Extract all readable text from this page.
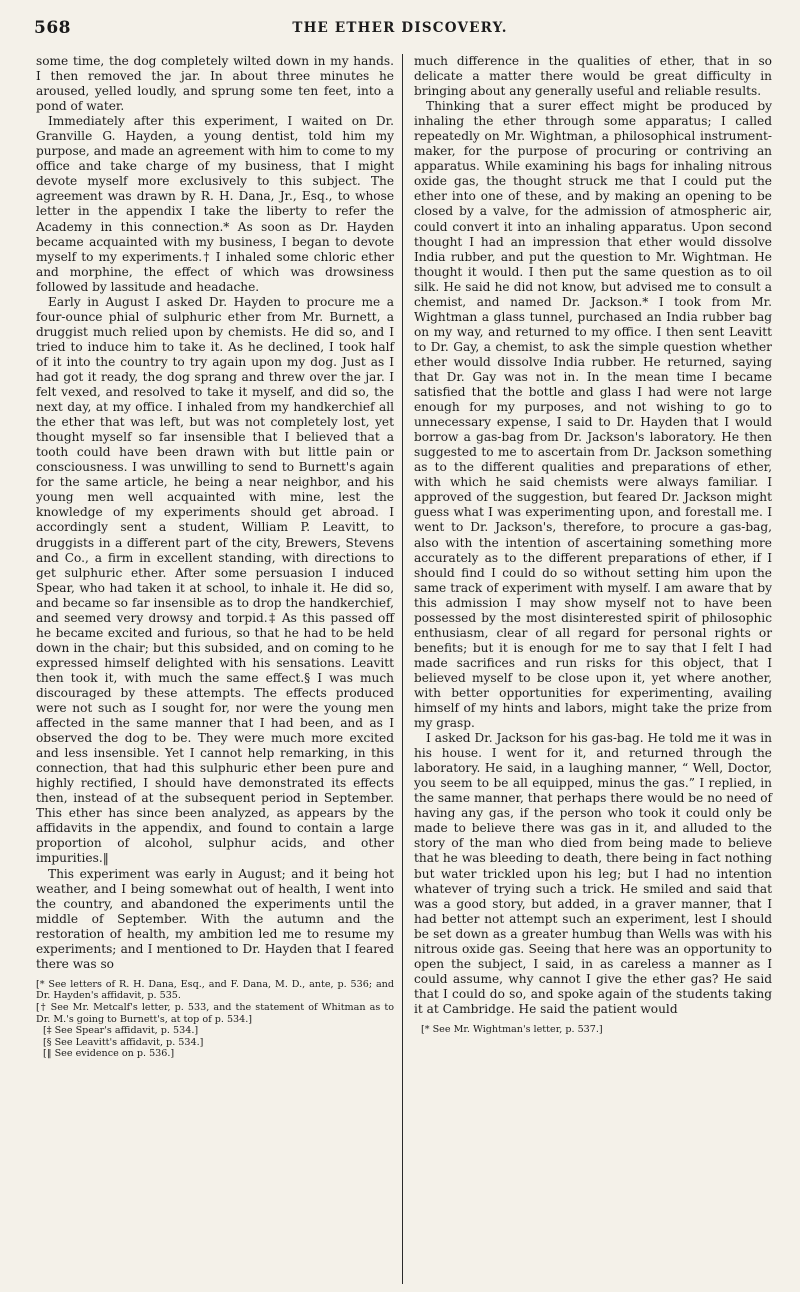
568	THE ETHER DISCOVERY.

some time, the dog completely wilted down in my hands. I then removed the jar. In about three minutes he aroused, yelled loudly, and sprung some ten feet, into a pond of water.

Immediately after this experiment, I waited on Dr. Granville G. Hayden, a young dentist, told him my purpose, and made an agreement with him to come to my office and take charge of my business, that I might devote myself more exclusively to this subject. The agreement was drawn by R. H. Dana, Jr., Esq., to whose letter in the appendix I take the liberty to refer the Academy in this connection.* As soon as Dr. Hayden became acquainted with my business, I began to devote myself to my experiments.† I inhaled some chloric ether and morphine, the effect of which was drowsiness followed by lassitude and headache.

Early in August I asked Dr. Hayden to procure me a four-ounce phial of sulphuric ether from Mr. Burnett, a druggist much relied upon by chemists. He did so, and I tried to induce him to take it. As he declined, I took half of it into the country to try again upon my dog. Just as I had got it ready, the dog sprang and threw over the jar. I felt vexed, and resolved to take it myself, and did so, the next day, at my office. I inhaled from my handkerchief all the ether that was left, but was not completely lost, yet thought myself so far insensible that I believed that a tooth could have been drawn with but little pain or consciousness. I was unwilling to send to Burnett's again for the same article, he being a near neighbor, and his young men well acquainted with mine, lest the knowledge of my experiments should get abroad. I accordingly sent a student, William P. Leavitt, to druggists in a different part of the city, Brewers, Stevens and Co., a firm in excellent standing, with directions to get sulphuric ether. After some persuasion I induced Spear, who had taken it at school, to inhale it. He did so, and became so far insensible as to drop the handkerchief, and seemed very drowsy and torpid.‡ As this passed off he became excited and furious, so that he had to be held down in the chair; but this subsided, and on coming to he expressed himself delighted with his sensations. Leavitt then took it, with much the same effect.§ I was much discouraged by these attempts. The effects produced were not such as I sought for, nor were the young men affected in the same manner that I had been, and as I observed the dog to be. They were much more excited and less insensible. Yet I cannot help remarking, in this connection, that had this sulphuric ether been pure and highly rectified, I should have demonstrated its effects then, instead of at the subsequent period in September. This ether has since been analyzed, as appears by the affidavits in the appendix, and found to contain a large proportion of alcohol, sulphur acids, and other impurities.‖

This experiment was early in August; and it being hot weather, and I being somewhat out of health, I went into the country, and abandoned the experiments until the middle of September. With the autumn and the restoration of health, my ambition led me to resume my experiments; and I mentioned to Dr. Hayden that I feared there was so

[* See letters of R. H. Dana, Esq., and F. Dana, M. D., ante, p. 536; and Dr. Hayden's affidavit, p. 535.

[† See Mr. Metcalf's letter, p. 533, and the statement of Whitman as to Dr. M.'s going to Burnett's, at top of p. 534.]

[‡ See Spear's affidavit, p. 534.]

[§ See Leavitt's affidavit, p. 534.]

[‖ See evidence on p. 536.]

much difference in the qualities of ether, that in so delicate a matter there would be great difficulty in bringing about any generally useful and reliable results.

Thinking that a surer effect might be produced by inhaling the ether through some apparatus; I called repeatedly on Mr. Wightman, a philosophical instrument-maker, for the purpose of procuring or contriving an apparatus. While examining his bags for inhaling nitrous oxide gas, the thought struck me that I could put the ether into one of these, and by making an opening to be closed by a valve, for the admission of atmospheric air, could convert it into an inhaling apparatus. Upon second thought I had an impression that ether would dissolve India rubber, and put the question to Mr. Wightman. He thought it would. I then put the same question as to oil silk. He said he did not know, but advised me to consult a chemist, and named Dr. Jackson.* I took from Mr. Wightman a glass tunnel, purchased an India rubber bag on my way, and returned to my office. I then sent Leavitt to Dr. Gay, a chemist, to ask the simple question whether ether would dissolve India rubber. He returned, saying that Dr. Gay was not in. In the mean time I became satisfied that the bottle and glass I had were not large enough for my purposes, and not wishing to go to unnecessary expense, I said to Dr. Hayden that I would borrow a gas-bag from Dr. Jackson's laboratory. He then suggested to me to ascertain from Dr. Jackson something as to the different qualities and preparations of ether, with which he said chemists were always familiar. I approved of the suggestion, but feared Dr. Jackson might guess what I was experimenting upon, and forestall me. I went to Dr. Jackson's, therefore, to procure a gas-bag, also with the intention of ascertaining something more accurately as to the different preparations of ether, if I should find I could do so without setting him upon the same track of experiment with myself. I am aware that by this admission I may show myself not to have been possessed by the most disinterested spirit of philosophic enthusiasm, clear of all regard for personal rights or benefits; but it is enough for me to say that I felt I had made sacrifices and run risks for this object, that I believed myself to be close upon it, yet where another, with better opportunities for experimenting, availing himself of my hints and labors, might take the prize from my grasp.

I asked Dr. Jackson for his gas-bag. He told me it was in his house. I went for it, and returned through the laboratory. He said, in a laughing manner, “ Well, Doctor, you seem to be all equipped, minus the gas.” I replied, in the same manner, that perhaps there would be no need of having any gas, if the person who took it could only be made to believe there was gas in it, and alluded to the story of the man who died from being made to believe that he was bleeding to death, there being in fact nothing but water trickled upon his leg; but I had no intention whatever of trying such a trick. He smiled and said that was a good story, but added, in a graver manner, that I had better not attempt such an experiment, lest I should be set down as a greater humbug than Wells was with his nitrous oxide gas. Seeing that here was an opportunity to open the subject, I said, in as careless a manner as I could assume, why cannot I give the ether gas? He said that I could do so, and spoke again of the students taking it at Cambridge. He said the patient would

[* See Mr. Wightman's letter, p. 537.]
